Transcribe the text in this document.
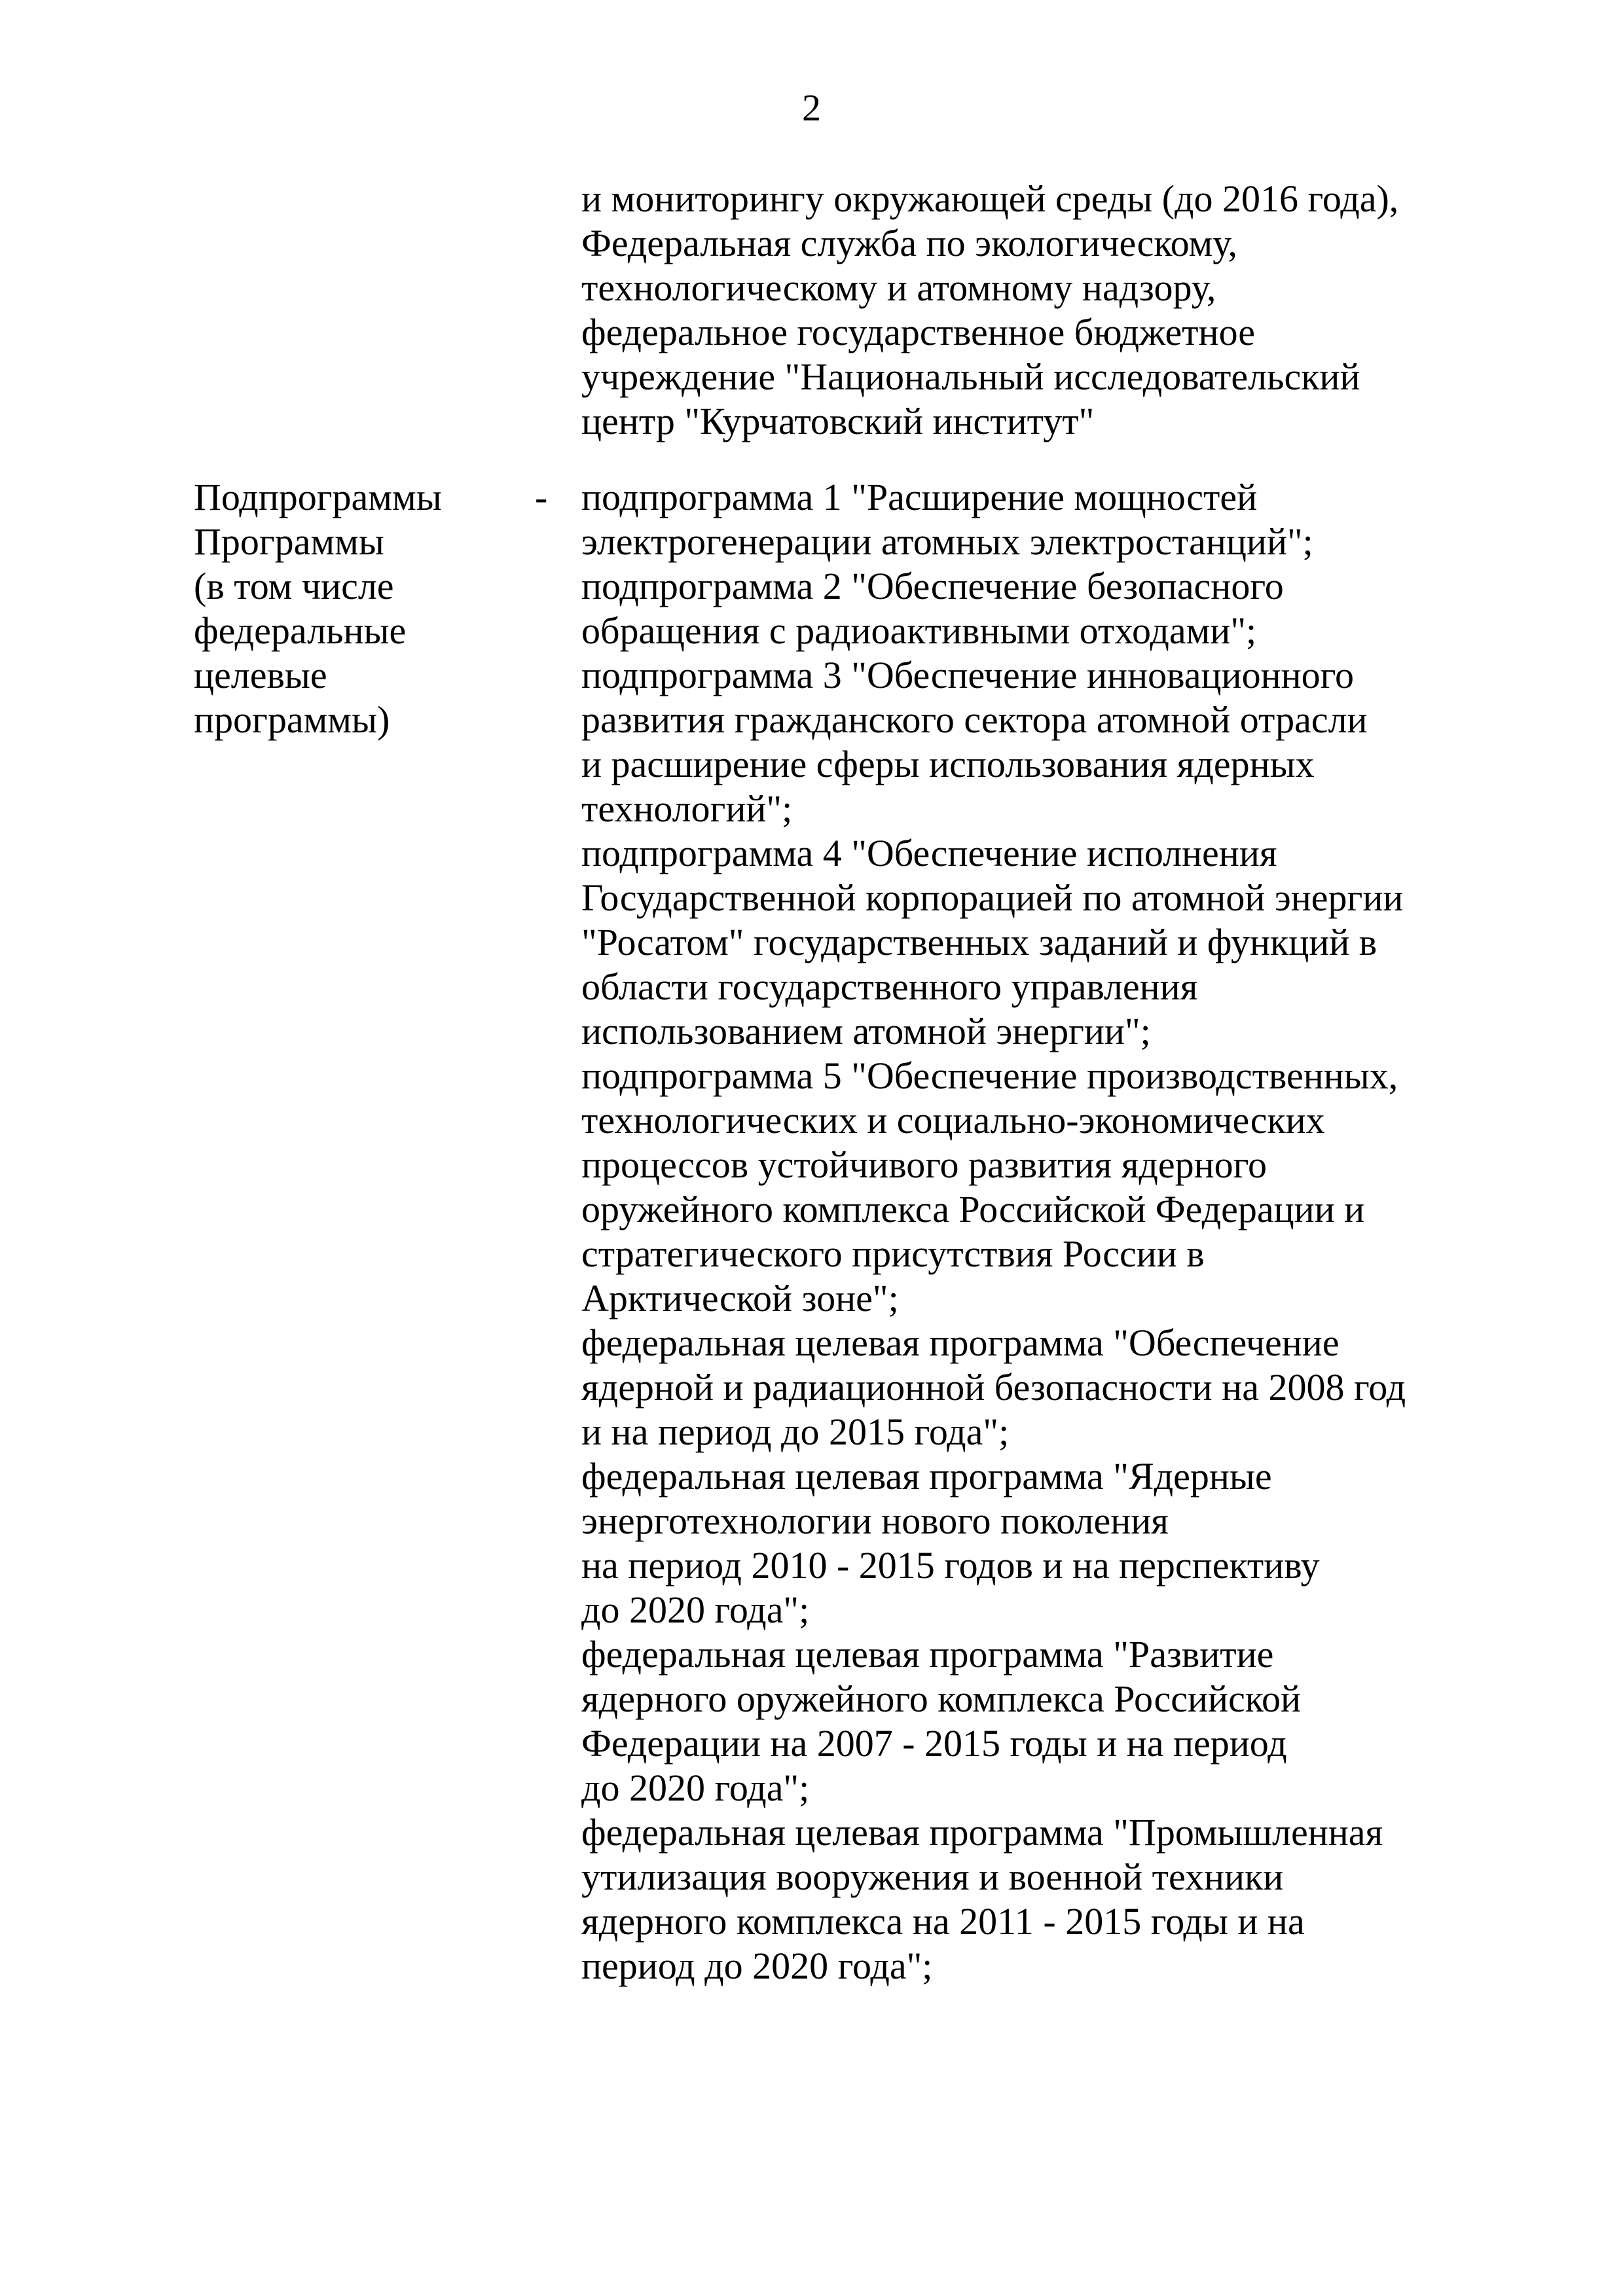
2
и мониторингу окружающей среды (до 2016 года),
Федеральная служба по экологическому,
технологическому и атомному надзору,
федеральное государственное бюджетное
учреждение "Национальный исследовательский
центр "Курчатовский институт"
Подпрограммы
Программы
(в том числе
федеральные
целевые
программы)
- подпрограмма 1 "Расширение мощностей
электрогенерации атомных электростанций";
подпрограмма 2 "Обеспечение безопасного
обращения с радиоактивными отходами";
подпрограмма 3 "Обеспечение инновационного
развития гражданского сектора атомной отрасли
и расширение сферы использования ядерных
технологий";
подпрограмма 4 "Обеспечение исполнения
Государственной корпорацией по атомной энергии
"Росатом" государственных заданий и функций в
области государственного управления
использованием атомной энергии";
подпрограмма 5 "Обеспечение производственных,
технологических и социально-экономических
процессов устойчивого развития ядерного
оружейного комплекса Российской Федерации и
стратегического присутствия России в
Арктической зоне";
федеральная целевая программа "Обеспечение
ядерной и радиационной безопасности на 2008 год
и на период до 2015 года";
федеральная целевая программа "Ядерные
энерготехнологии нового поколения
на период 2010 - 2015 годов и на перспективу
до 2020 года";
федеральная целевая программа "Развитие
ядерного оружейного комплекса Российской
Федерации на 2007 - 2015 годы и на период
до 2020 года";
федеральная целевая программа "Промышленная
утилизация вооружения и военной техники
ядерного комплекса на 2011 - 2015 годы и на
период до 2020 года";
